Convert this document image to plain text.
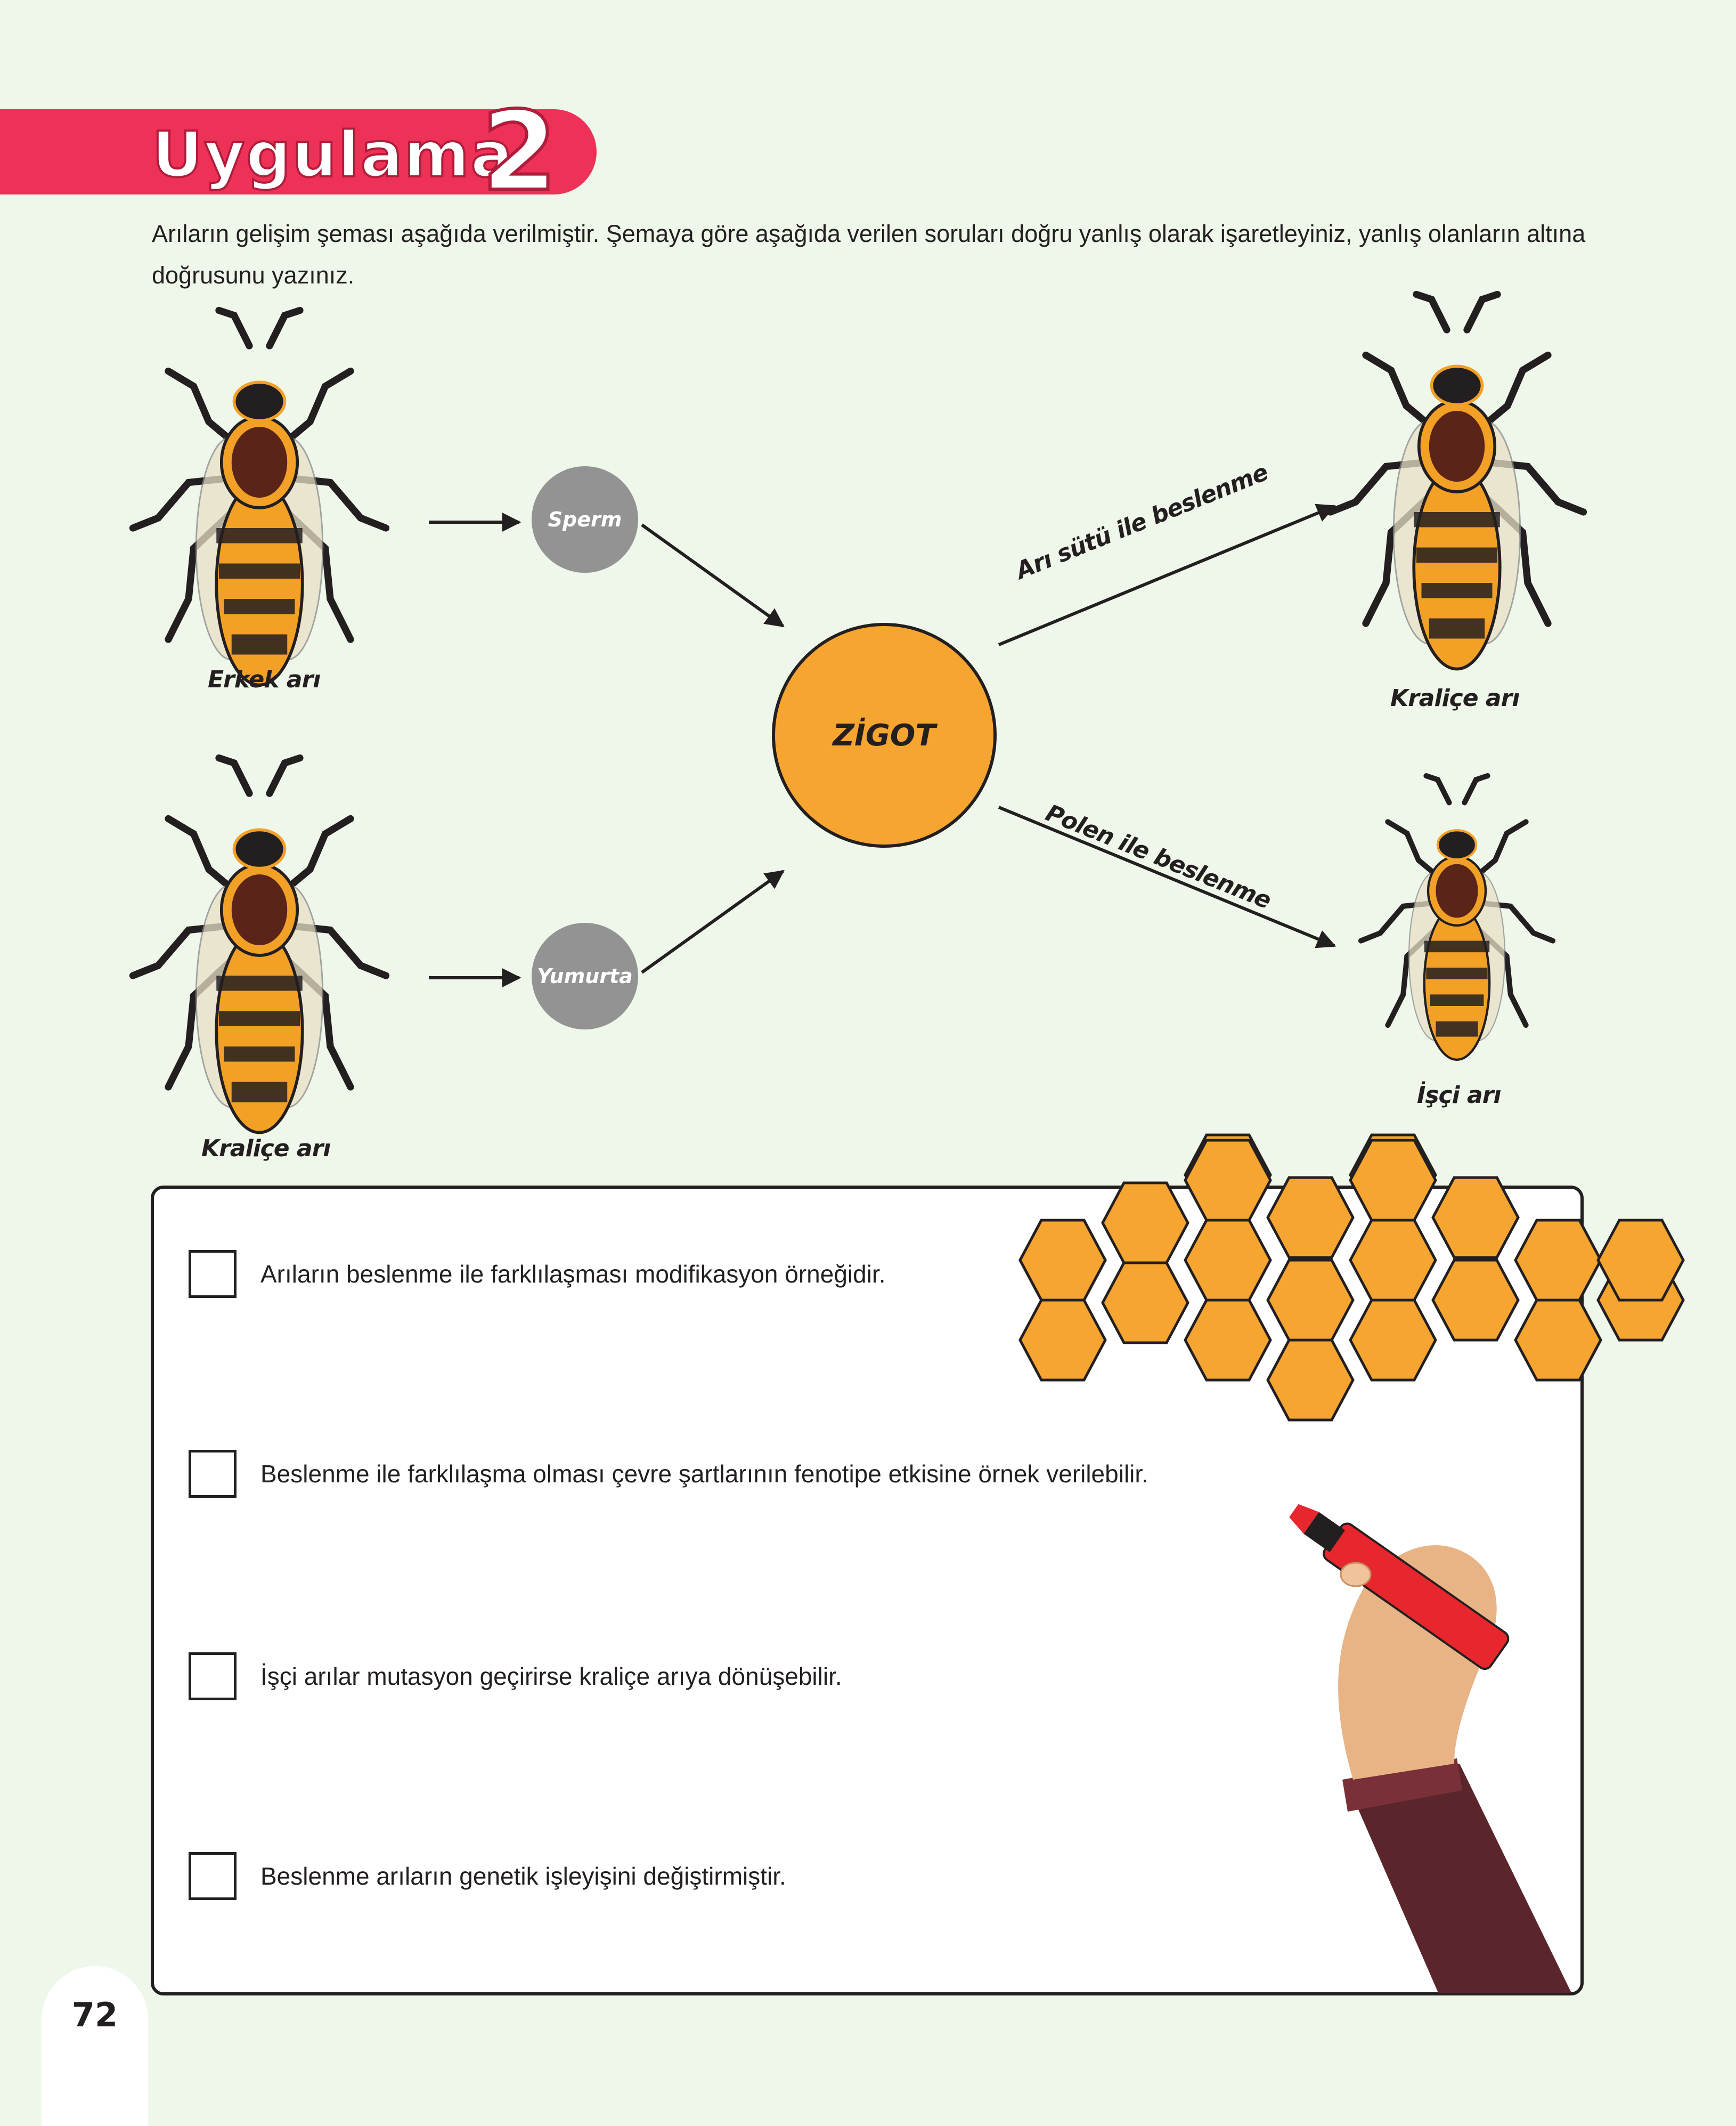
Uygulama
2
Arıların gelişim şeması aşağıda verilmiştir. Şemaya göre aşağıda verilen soruları doğru yanlış olarak işaretleyiniz, yanlış olanların altına doğrusunu yazınız.
Erkek arı
Kraliçe arı
Sperm
Yumurta
ZİGOT
Arı sütü ile beslenme
Polen ile beslenme
Kraliçe arı
İşçi arı
Arıların beslenme ile farklılaşması modifikasyon örneğidir.
Beslenme ile farklılaşma olması çevre şartlarının fenotipe etkisine örnek verilebilir.
İşçi arılar mutasyon geçirirse kraliçe arıya dönüşebilir.
Beslenme arıların genetik işleyişini değiştirmiştir.
72
